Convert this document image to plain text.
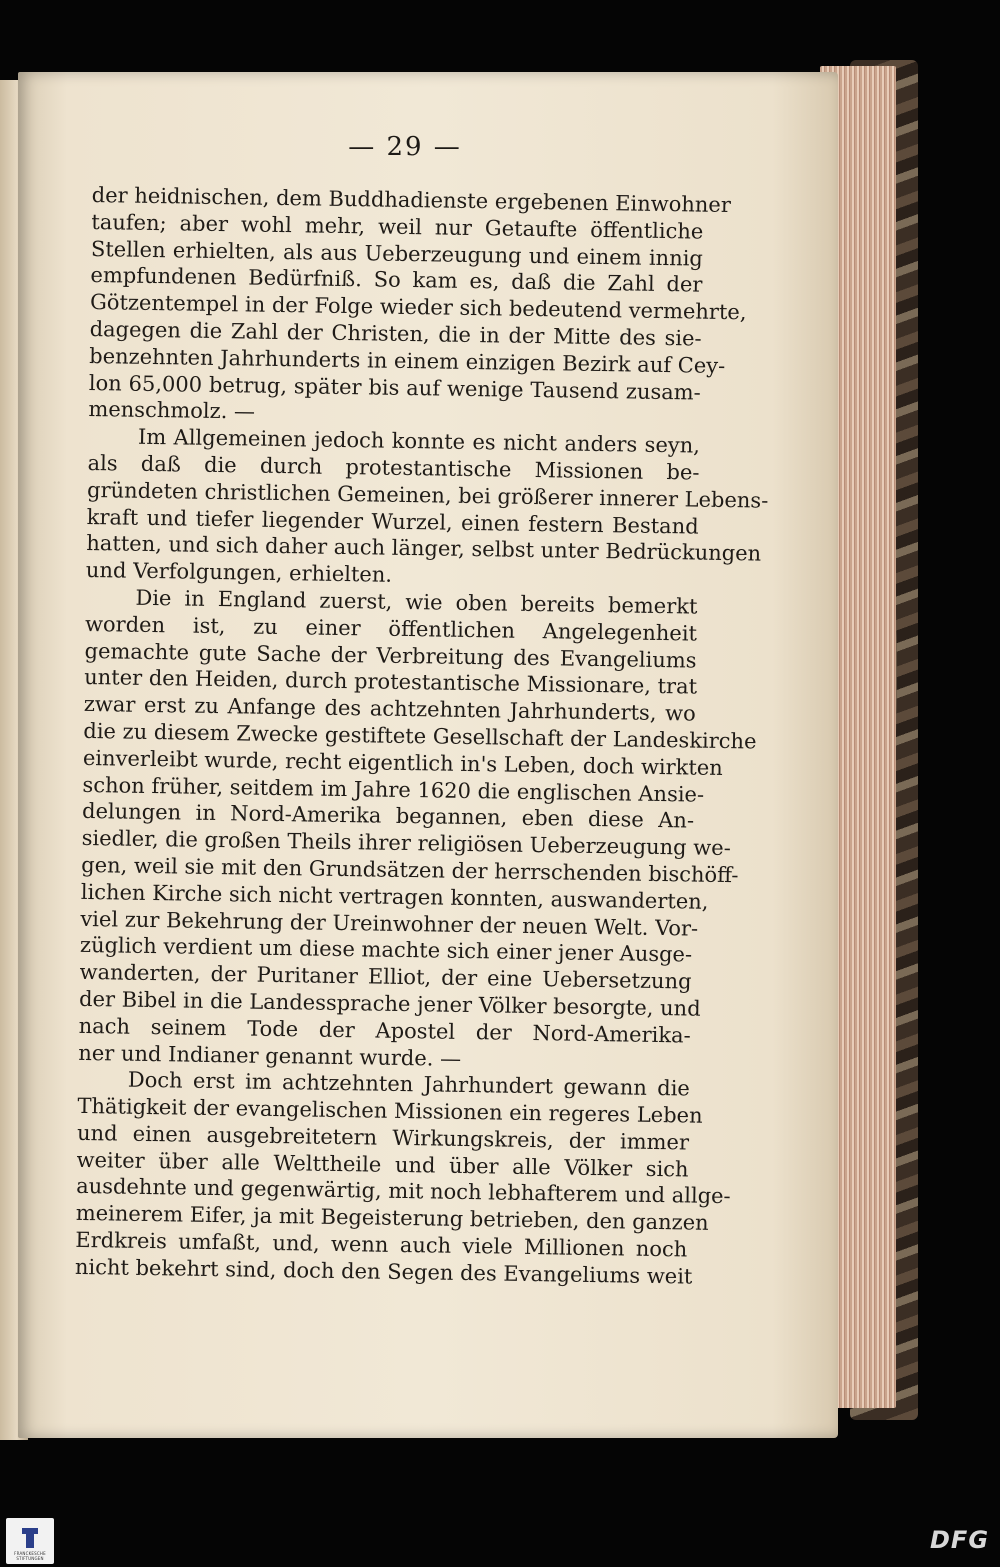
— 29 —
der heidnischen, dem Buddhadienste ergebenen Einwohner
taufen; aber wohl mehr, weil nur Getaufte öffentliche
Stellen erhielten, als aus Ueberzeugung und einem innig
empfundenen Bedürfniß. So kam es, daß die Zahl der
Götzentempel in der Folge wieder sich bedeutend vermehrte,
dagegen die Zahl der Christen, die in der Mitte des sie-
benzehnten Jahrhunderts in einem einzigen Bezirk auf Cey-
lon 65,000 betrug, später bis auf wenige Tausend zusam-
menschmolz. —
Im Allgemeinen jedoch konnte es nicht anders seyn,
als daß die durch protestantische Missionen be-
gründeten christlichen Gemeinen, bei größerer innerer Lebens-
kraft und tiefer liegender Wurzel, einen festern Bestand
hatten, und sich daher auch länger, selbst unter Bedrückungen
und Verfolgungen, erhielten.
Die in England zuerst, wie oben bereits bemerkt
worden ist, zu einer öffentlichen Angelegenheit
gemachte gute Sache der Verbreitung des Evangeliums
unter den Heiden, durch protestantische Missionare, trat
zwar erst zu Anfange des achtzehnten Jahrhunderts, wo
die zu diesem Zwecke gestiftete Gesellschaft der Landeskirche
einverleibt wurde, recht eigentlich in's Leben, doch wirkten
schon früher, seitdem im Jahre 1620 die englischen Ansie-
delungen in Nord-Amerika begannen, eben diese An-
siedler, die großen Theils ihrer religiösen Ueberzeugung we-
gen, weil sie mit den Grundsätzen der herrschenden bischöff-
lichen Kirche sich nicht vertragen konnten, auswanderten,
viel zur Bekehrung der Ureinwohner der neuen Welt. Vor-
züglich verdient um diese machte sich einer jener Ausge-
wanderten, der Puritaner Elliot, der eine Uebersetzung
der Bibel in die Landessprache jener Völker besorgte, und
nach seinem Tode der Apostel der Nord-Amerika-
ner und Indianer genannt wurde. —
Doch erst im achtzehnten Jahrhundert gewann die
Thätigkeit der evangelischen Missionen ein regeres Leben
und einen ausgebreitetern Wirkungskreis, der immer
weiter über alle Welttheile und über alle Völker sich
ausdehnte und gegenwärtig, mit noch lebhafterem und allge-
meinerem Eifer, ja mit Begeisterung betrieben, den ganzen
Erdkreis umfaßt, und, wenn auch viele Millionen noch
nicht bekehrt sind, doch den Segen des Evangeliums weit
FRANCKESCHE STIFTUNGEN
DFG
